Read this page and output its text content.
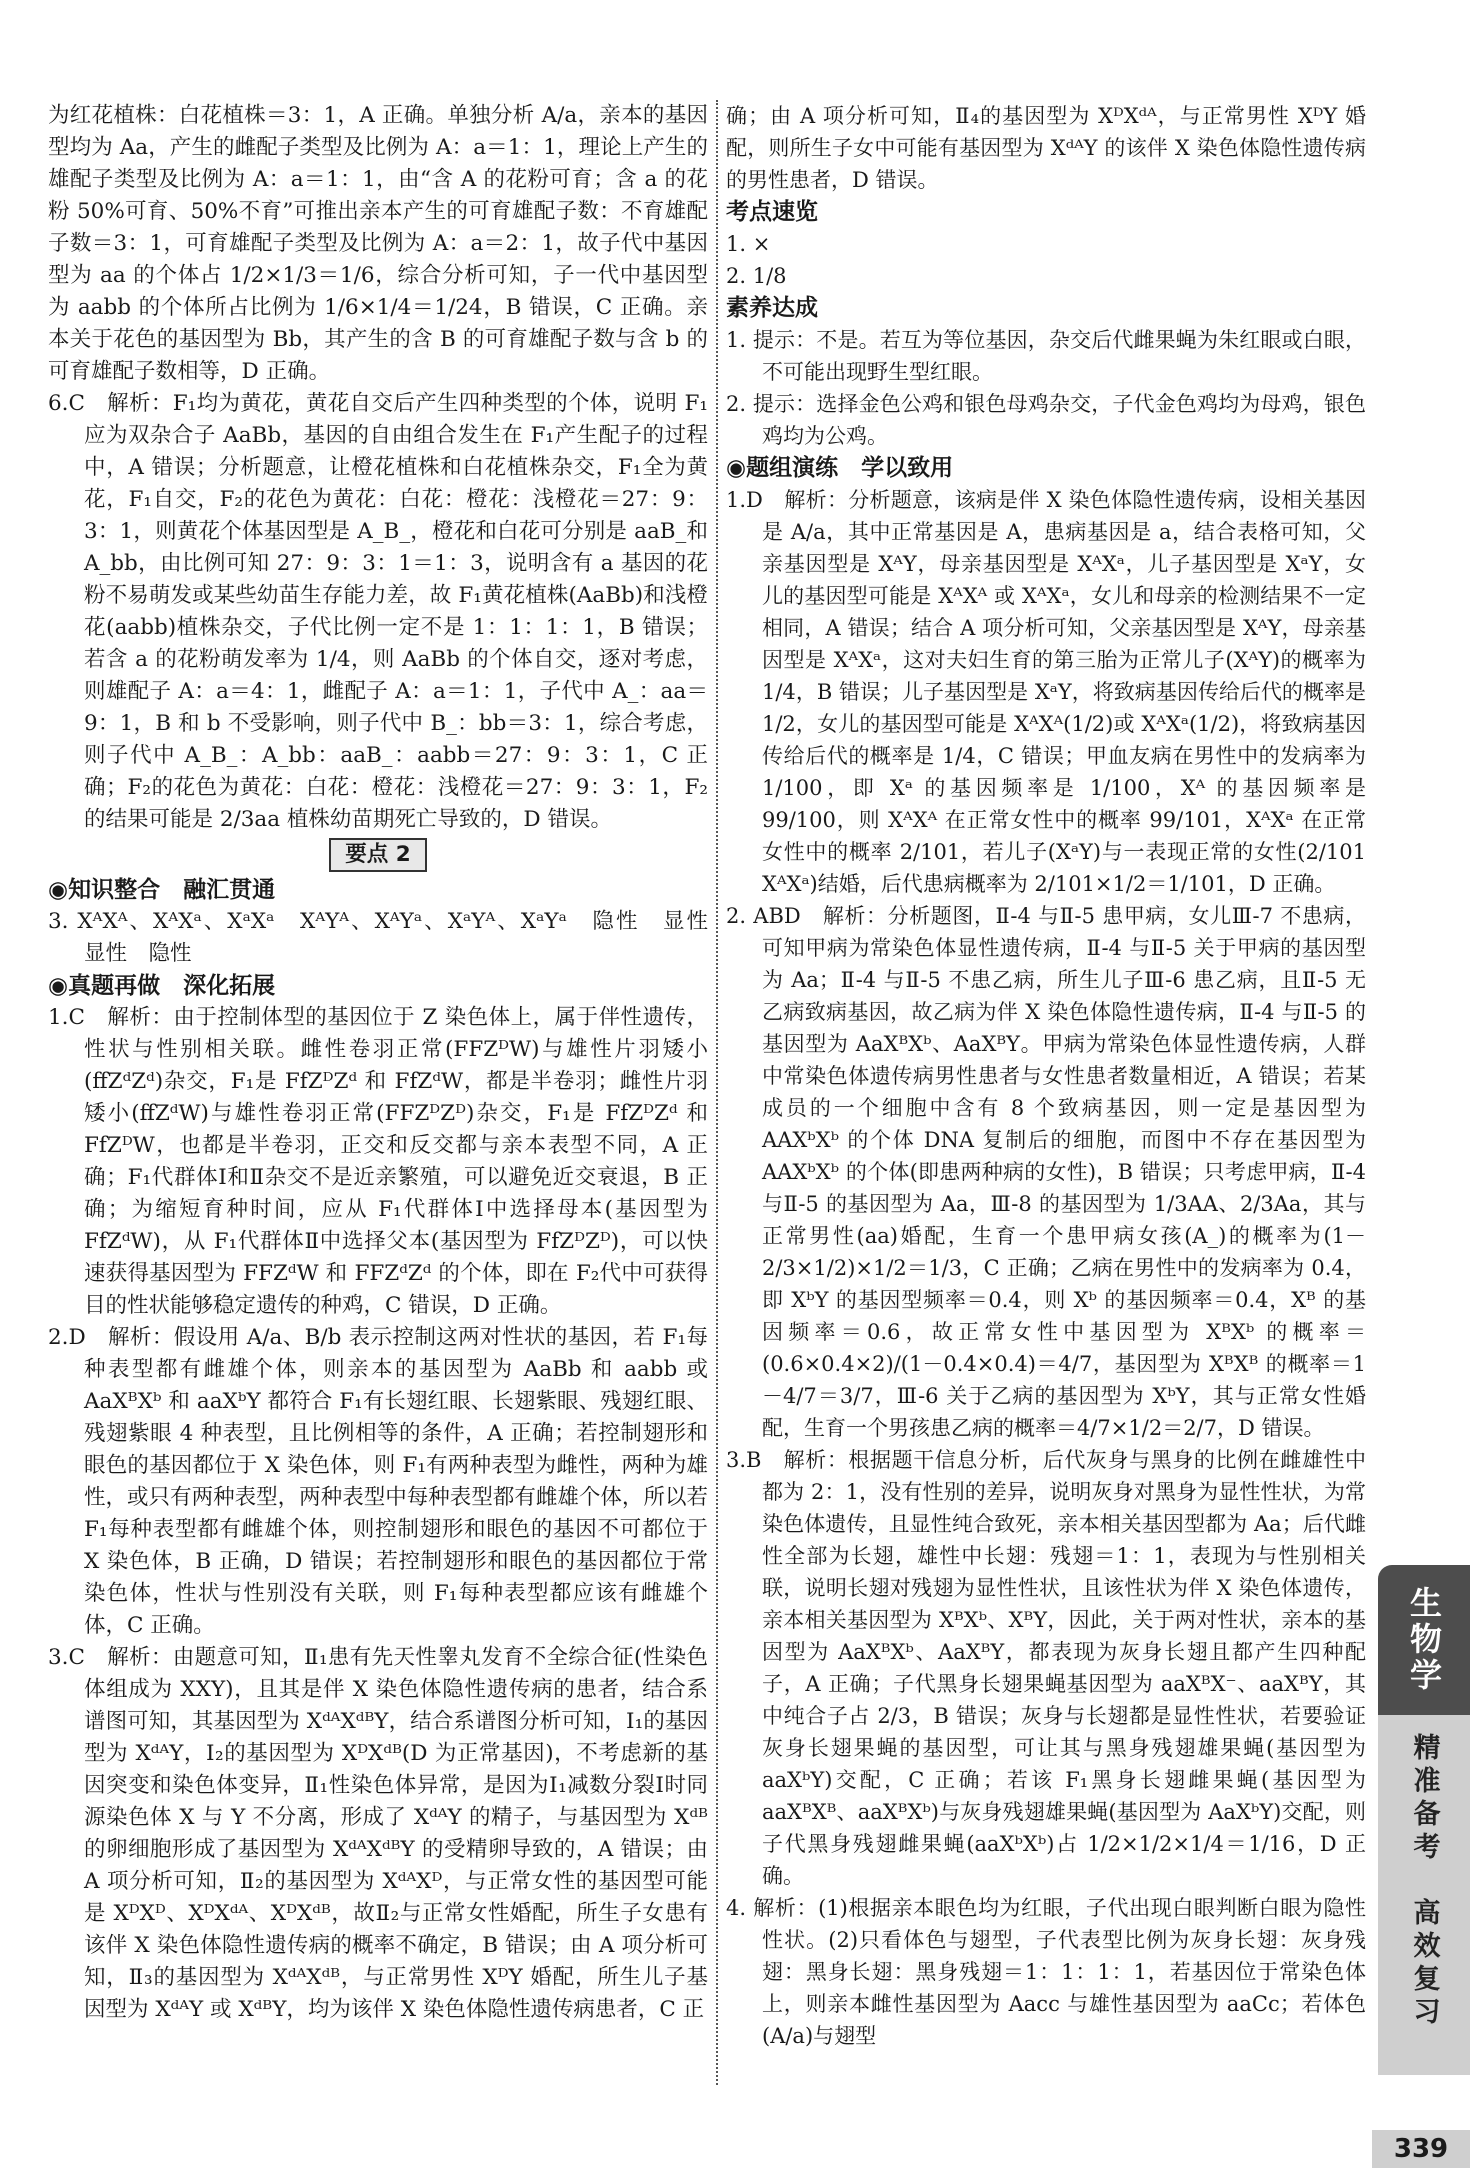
为红花植株：白花植株＝3：1，A 正确。单独分析 A/a，亲本的基因型均为 Aa，产生的雌配子类型及比例为 A：a＝1：1，理论上产生的雄配子类型及比例为 A：a＝1：1，由“含 A 的花粉可育；含 a 的花粉 50%可育、50%不育”可推出亲本产生的可育雄配子数：不育雄配子数＝3：1，可育雄配子类型及比例为 A：a＝2：1，故子代中基因型为 aa 的个体占 1/2×1/3＝1/6，综合分析可知，子一代中基因型为 aabb 的个体所占比例为 1/6×1/4＝1/24，B 错误，C 正确。亲本关于花色的基因型为 Bb，其产生的含 B 的可育雄配子数与含 b 的可育雄配子数相等，D 正确。

6.C　解析：F₁均为黄花，黄花自交后产生四种类型的个体，说明 F₁应为双杂合子 AaBb，基因的自由组合发生在 F₁产生配子的过程中，A 错误；分析题意，让橙花植株和白花植株杂交，F₁全为黄花，F₁自交，F₂的花色为黄花：白花：橙花：浅橙花＝27：9：3：1，则黄花个体基因型是 A_B_，橙花和白花可分别是 aaB_和 A_bb，由比例可知 27：9：3：1＝1：3，说明含有 a 基因的花粉不易萌发或某些幼苗生存能力差，故 F₁黄花植株(AaBb)和浅橙花(aabb)植株杂交，子代比例一定不是 1：1：1：1，B 错误；若含 a 的花粉萌发率为 1/4，则 AaBb 的个体自交，逐对考虑，则雄配子 A：a＝4：1，雌配子 A：a＝1：1，子代中 A_：aa＝9：1，B 和 b 不受影响，则子代中 B_：bb＝3：1，综合考虑，则子代中 A_B_：A_bb：aaB_：aabb＝27：9：3：1，C 正确；F₂的花色为黄花：白花：橙花：浅橙花＝27：9：3：1，F₂的结果可能是 2/3aa 植株幼苗期死亡导致的，D 错误。

要点 2

◉知识整合　融汇贯通

3. XᴬXᴬ、XᴬXᵃ、XᵃXᵃ　XᴬYᴬ、XᴬYᵃ、XᵃYᴬ、XᵃYᵃ　隐性　显性　显性　隐性

◉真题再做　深化拓展

1.C　解析：由于控制体型的基因位于 Z 染色体上，属于伴性遗传，性状与性别相关联。雌性卷羽正常(FFZᴰW)与雄性片羽矮小(ffZᵈZᵈ)杂交，F₁是 FfZᴰZᵈ 和 FfZᵈW，都是半卷羽；雌性片羽矮小(ffZᵈW)与雄性卷羽正常(FFZᴰZᴰ)杂交，F₁是 FfZᴰZᵈ 和 FfZᴰW，也都是半卷羽，正交和反交都与亲本表型不同，A 正确；F₁代群体Ⅰ和Ⅱ杂交不是近亲繁殖，可以避免近交衰退，B 正确；为缩短育种时间，应从 F₁代群体Ⅰ中选择母本(基因型为 FfZᵈW)，从 F₁代群体Ⅱ中选择父本(基因型为 FfZᴰZᴰ)，可以快速获得基因型为 FFZᵈW 和 FFZᵈZᵈ 的个体，即在 F₂代中可获得目的性状能够稳定遗传的种鸡，C 错误，D 正确。

2.D　解析：假设用 A/a、B/b 表示控制这两对性状的基因，若 F₁每种表型都有雌雄个体，则亲本的基因型为 AaBb 和 aabb 或 AaXᴮXᵇ 和 aaXᵇY 都符合 F₁有长翅红眼、长翅紫眼、残翅红眼、残翅紫眼 4 种表型，且比例相等的条件，A 正确；若控制翅形和眼色的基因都位于 X 染色体，则 F₁有两种表型为雌性，两种为雄性，或只有两种表型，两种表型中每种表型都有雌雄个体，所以若 F₁每种表型都有雌雄个体，则控制翅形和眼色的基因不可都位于 X 染色体，B 正确，D 错误；若控制翅形和眼色的基因都位于常染色体，性状与性别没有关联，则 F₁每种表型都应该有雌雄个体，C 正确。

3.C　解析：由题意可知，Ⅱ₁患有先天性睾丸发育不全综合征(性染色体组成为 XXY)，且其是伴 X 染色体隐性遗传病的患者，结合系谱图可知，其基因型为 XᵈᴬXᵈᴮY，结合系谱图分析可知，Ⅰ₁的基因型为 XᵈᴬY，Ⅰ₂的基因型为 XᴰXᵈᴮ(D 为正常基因)，不考虑新的基因突变和染色体变异，Ⅱ₁性染色体异常，是因为Ⅰ₁减数分裂Ⅰ时同源染色体 X 与 Y 不分离，形成了 XᵈᴬY 的精子，与基因型为 Xᵈᴮ 的卵细胞形成了基因型为 XᵈᴬXᵈᴮY 的受精卵导致的，A 错误；由 A 项分析可知，Ⅱ₂的基因型为 XᵈᴬXᴰ，与正常女性的基因型可能是 XᴰXᴰ、XᴰXᵈᴬ、XᴰXᵈᴮ，故Ⅱ₂与正常女性婚配，所生子女患有该伴 X 染色体隐性遗传病的概率不确定，B 错误；由 A 项分析可知，Ⅱ₃的基因型为 XᵈᴬXᵈᴮ，与正常男性 XᴰY 婚配，所生儿子基因型为 XᵈᴬY 或 XᵈᴮY，均为该伴 X 染色体隐性遗传病患者，C 正

确；由 A 项分析可知，Ⅱ₄的基因型为 XᴰXᵈᴬ，与正常男性 XᴰY 婚配，则所生子女中可能有基因型为 XᵈᴬY 的该伴 X 染色体隐性遗传病的男性患者，D 错误。

考点速览

1. ×

2. 1/8

素养达成

1. 提示：不是。若互为等位基因，杂交后代雌果蝇为朱红眼或白眼，不可能出现野生型红眼。

2. 提示：选择金色公鸡和银色母鸡杂交，子代金色鸡均为母鸡，银色鸡均为公鸡。

◉题组演练　学以致用

1.D　解析：分析题意，该病是伴 X 染色体隐性遗传病，设相关基因是 A/a，其中正常基因是 A，患病基因是 a，结合表格可知，父亲基因型是 XᴬY，母亲基因型是 XᴬXᵃ，儿子基因型是 XᵃY，女儿的基因型可能是 XᴬXᴬ 或 XᴬXᵃ，女儿和母亲的检测结果不一定相同，A 错误；结合 A 项分析可知，父亲基因型是 XᴬY，母亲基因型是 XᴬXᵃ，这对夫妇生育的第三胎为正常儿子(XᴬY)的概率为 1/4，B 错误；儿子基因型是 XᵃY，将致病基因传给后代的概率是 1/2，女儿的基因型可能是 XᴬXᴬ(1/2)或 XᴬXᵃ(1/2)，将致病基因传给后代的概率是 1/4，C 错误；甲血友病在男性中的发病率为 1/100，即 Xᵃ 的基因频率是 1/100，Xᴬ 的基因频率是 99/100，则 XᴬXᴬ 在正常女性中的概率 99/101，XᴬXᵃ 在正常女性中的概率 2/101，若儿子(XᵃY)与一表现正常的女性(2/101 XᴬXᵃ)结婚，后代患病概率为 2/101×1/2＝1/101，D 正确。

2. ABD　解析：分析题图，Ⅱ-4 与Ⅱ-5 患甲病，女儿Ⅲ-7 不患病，可知甲病为常染色体显性遗传病，Ⅱ-4 与Ⅱ-5 关于甲病的基因型为 Aa；Ⅱ-4 与Ⅱ-5 不患乙病，所生儿子Ⅲ-6 患乙病，且Ⅱ-5 无乙病致病基因，故乙病为伴 X 染色体隐性遗传病，Ⅱ-4 与Ⅱ-5 的基因型为 AaXᴮXᵇ、AaXᴮY。甲病为常染色体显性遗传病，人群中常染色体遗传病男性患者与女性患者数量相近，A 错误；若某成员的一个细胞中含有 8 个致病基因，则一定是基因型为 AAXᵇXᵇ 的个体 DNA 复制后的细胞，而图中不存在基因型为 AAXᵇXᵇ 的个体(即患两种病的女性)，B 错误；只考虑甲病，Ⅱ-4 与Ⅱ-5 的基因型为 Aa，Ⅲ-8 的基因型为 1/3AA、2/3Aa，其与正常男性(aa)婚配，生育一个患甲病女孩(A_)的概率为(1－2/3×1/2)×1/2＝1/3，C 正确；乙病在男性中的发病率为 0.4，即 XᵇY 的基因型频率＝0.4，则 Xᵇ 的基因频率＝0.4，Xᴮ 的基因频率＝0.6，故正常女性中基因型为 XᴮXᵇ 的概率＝(0.6×0.4×2)/(1－0.4×0.4)＝4/7，基因型为 XᴮXᴮ 的概率＝1－4/7＝3/7，Ⅲ-6 关于乙病的基因型为 XᵇY，其与正常女性婚配，生育一个男孩患乙病的概率＝4/7×1/2＝2/7，D 错误。

3.B　解析：根据题干信息分析，后代灰身与黑身的比例在雌雄性中都为 2：1，没有性别的差异，说明灰身对黑身为显性性状，为常染色体遗传，且显性纯合致死，亲本相关基因型都为 Aa；后代雌性全部为长翅，雄性中长翅：残翅＝1：1，表现为与性别相关联，说明长翅对残翅为显性性状，且该性状为伴 X 染色体遗传，亲本相关基因型为 XᴮXᵇ、XᴮY，因此，关于两对性状，亲本的基因型为 AaXᴮXᵇ、AaXᴮY，都表现为灰身长翅且都产生四种配子，A 正确；子代黑身长翅果蝇基因型为 aaXᴮX⁻、aaXᴮY，其中纯合子占 2/3，B 错误；灰身与长翅都是显性性状，若要验证灰身长翅果蝇的基因型，可让其与黑身残翅雄果蝇(基因型为 aaXᵇY)交配，C 正确；若该 F₁黑身长翅雌果蝇(基因型为 aaXᴮXᴮ、aaXᴮXᵇ)与灰身残翅雄果蝇(基因型为 AaXᵇY)交配，则子代黑身残翅雌果蝇(aaXᵇXᵇ)占 1/2×1/2×1/4＝1/16，D 正确。

4. 解析：(1)根据亲本眼色均为红眼，子代出现白眼判断白眼为隐性性状。(2)只看体色与翅型，子代表型比例为灰身长翅：灰身残翅：黑身长翅：黑身残翅＝1：1：1：1，若基因位于常染色体上，则亲本雌性基因型为 Aacc 与雄性基因型为 aaCc；若体色(A/a)与翅型

生物学
精准备考　高效复习
339
